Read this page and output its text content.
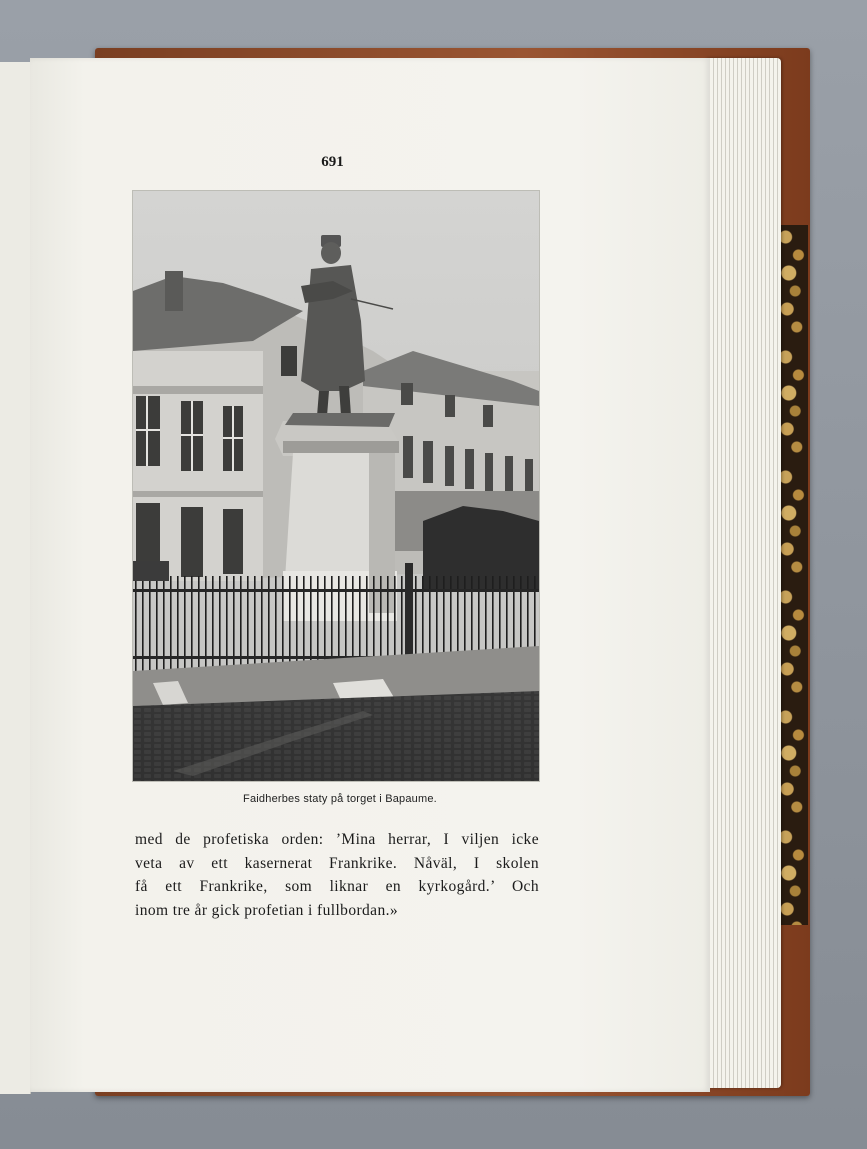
691
Faidherbes staty på torget i Bapaume.
med de profetiska orden: ’Mina herrar, I viljen icke
veta av ett kasernerat Frankrike. Nåväl, I skolen
få ett Frankrike, som liknar en kyrkogård.’ Och
inom tre år gick profetian i fullbordan.»
